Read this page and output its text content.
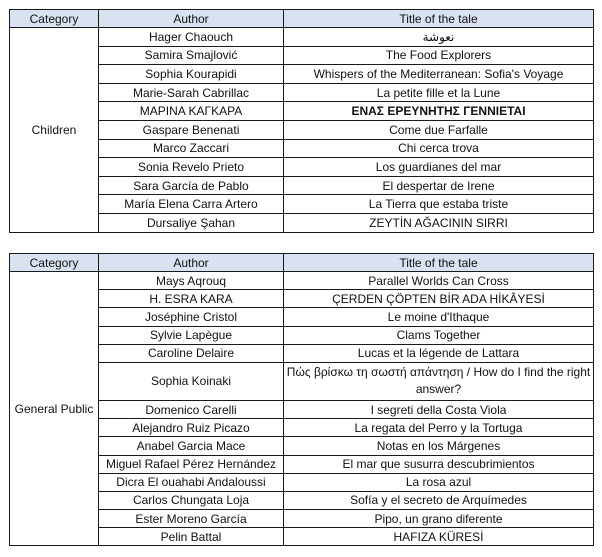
Category	Author	Title of the tale
Children	Hager Chaouch	نعوشة
	Samira Smajlović	The Food Explorers
	Sophia Kourapidi	Whispers of the Mediterranean: Sofia's Voyage
	Marie-Sarah Cabrillac	La petite fille et la Lune
	ΜΑΡΙΝΑ ΚΑΓΚΑΡΑ	ΕΝΑΣ ΕΡΕΥΝΗΤΗΣ ΓΕΝΝΙΕΤΑΙ
	Gaspare Benenati	Come due Farfalle
	Marco Zaccari	Chi cerca trova
	Sonia Revelo Prieto	Los guardianes del mar
	Sara García de Pablo	El despertar de Irene
	María Elena Carra Artero	La Tierra que estaba triste
	Dursaliye Şahan	ZEYTİN AĞACININ SIRRI
Category	Author	Title of the tale
General Public	Mays Aqrouq	Parallel Worlds Can Cross
	H. ESRA KARA	ÇERDEN ÇÖPTEN BİR ADA HİKÂYESİ
	Joséphine Cristol	Le moine d'Ithaque
	Sylvie Lapègue	Clams Together
	Caroline Delaire	Lucas et la légende de Lattara
	Sophia Koinaki	Πώς βρίσκω τη σωστή απάντηση / How do I find the right answer?
	Domenico Carelli	I segreti della Costa Viola
	Alejandro Ruiz Picazo	La regata del Perro y la Tortuga
	Anabel Garcia Mace	Notas en los Márgenes
	Miguel Rafael Pérez Hernández	El mar que susurra descubrimientos
	Dicra El ouahabi Andaloussi	La rosa azul
	Carlos Chungata Loja	Sofía y el secreto de Arquímedes
	Ester Moreno García	Pipo, un grano diferente
	Pelin Battal	HAFIZA KÜRESİ
